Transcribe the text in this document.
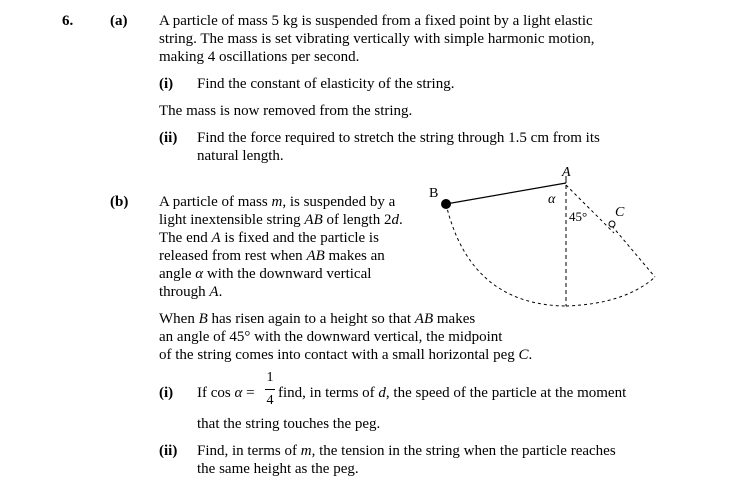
6. (a) A particle of mass 5 kg is suspended from a fixed point by a light elastic
string. The mass is set vibrating vertically with simple harmonic motion,
making 4 oscillations per second.
(i) Find the constant of elasticity of the string.
The mass is now removed from the string.
(ii) Find the force required to stretch the string through 1.5 cm from its
natural length.
(b) A particle of mass m, is suspended by a
light inextensible string AB of length 2d.
The end A is fixed and the particle is
released from rest when AB makes an
angle α with the downward vertical
through A.
When B has risen again to a height so that AB makes
an angle of 45° with the downward vertical, the midpoint
of the string comes into contact with a small horizontal peg C.
(i) If cos α =
1
4 find, in terms of d, the speed of the particle at the moment
that the string touches the peg.
(ii) Find, in terms of m, the tension in the string when the particle reaches
the same height as the peg.
A
B
C
α
45°
